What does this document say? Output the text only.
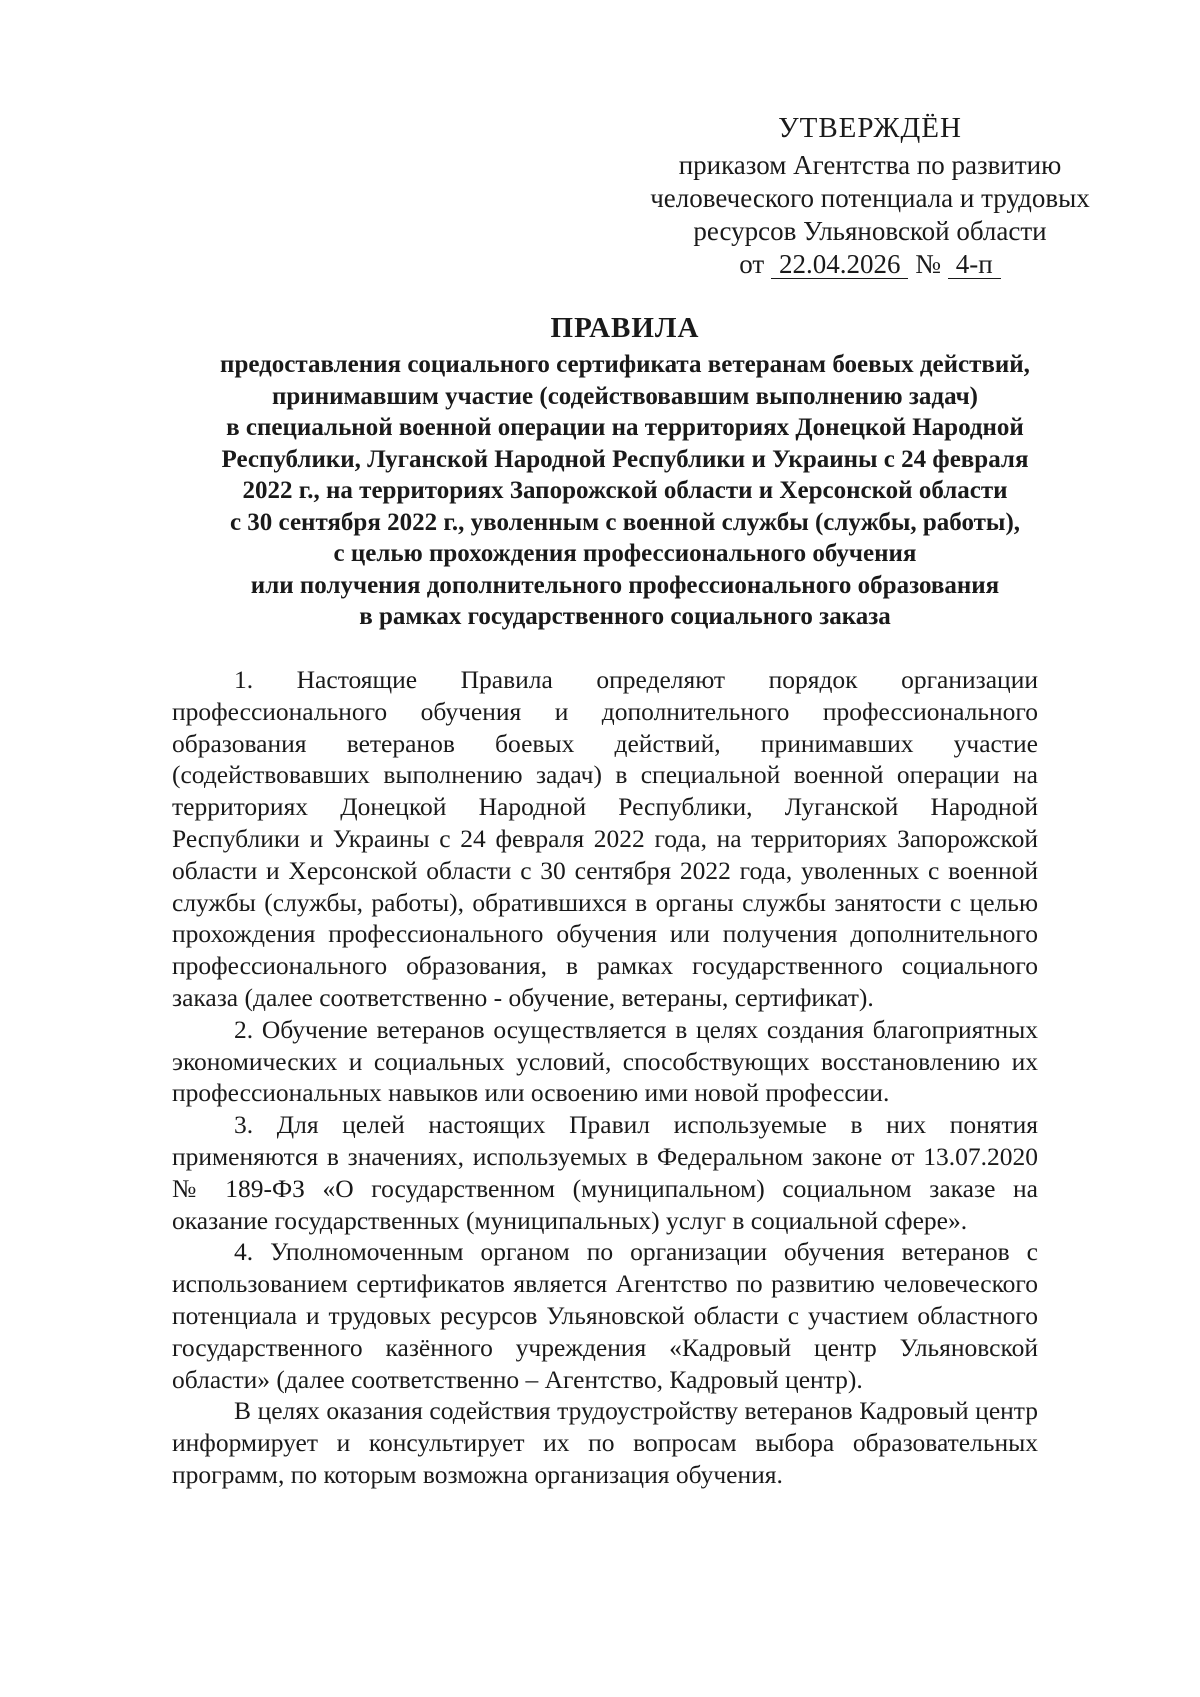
УТВЕРЖДЁН
приказом Агентства по развитию
человеческого потенциала и трудовых
ресурсов Ульяновской области
от 22.04.2026 № 4-п
ПРАВИЛА
предоставления социального сертификата ветеранам боевых действий,
принимавшим участие (содействовавшим выполнению задач)
в специальной военной операции на территориях Донецкой Народной
Республики, Луганской Народной Республики и Украины с 24 февраля
2022 г., на территориях Запорожской области и Херсонской области
с 30 сентября 2022 г., уволенным с военной службы (службы, работы),
с целью прохождения профессионального обучения
или получения дополнительного профессионального образования
в рамках государственного социального заказа

1. Настоящие Правила определяют порядок организации профессионального обучения и дополнительного профессионального образования ветеранов боевых действий, принимавших участие (содействовавших выполнению задач) в специальной военной операции на территориях Донецкой Народной Республики, Луганской Народной Республики и Украины с 24 февраля 2022 года, на территориях Запорожской области и Херсонской области с 30 сентября 2022 года, уволенных с военной службы (службы, работы), обратившихся в органы службы занятости с целью прохождения профессионального обучения или получения дополнительного профессионального образования, в рамках государственного социального заказа (далее соответственно - обучение, ветераны, сертификат).

2. Обучение ветеранов осуществляется в целях создания благоприятных экономических и социальных условий, способствующих восстановлению их профессиональных навыков или освоению ими новой профессии.

3. Для целей настоящих Правил используемые в них понятия применяются в значениях, используемых в Федеральном законе от 13.07.2020 № 189-ФЗ «О государственном (муниципальном) социальном заказе на оказание государственных (муниципальных) услуг в социальной сфере».

4. Уполномоченным органом по организации обучения ветеранов с использованием сертификатов является Агентство по развитию человеческого потенциала и трудовых ресурсов Ульяновской области с участием областного государственного казённого учреждения «Кадровый центр Ульяновской области» (далее соответственно – Агентство, Кадровый центр).

В целях оказания содействия трудоустройству ветеранов Кадровый центр информирует и консультирует их по вопросам выбора образовательных программ, по которым возможна организация обучения.
